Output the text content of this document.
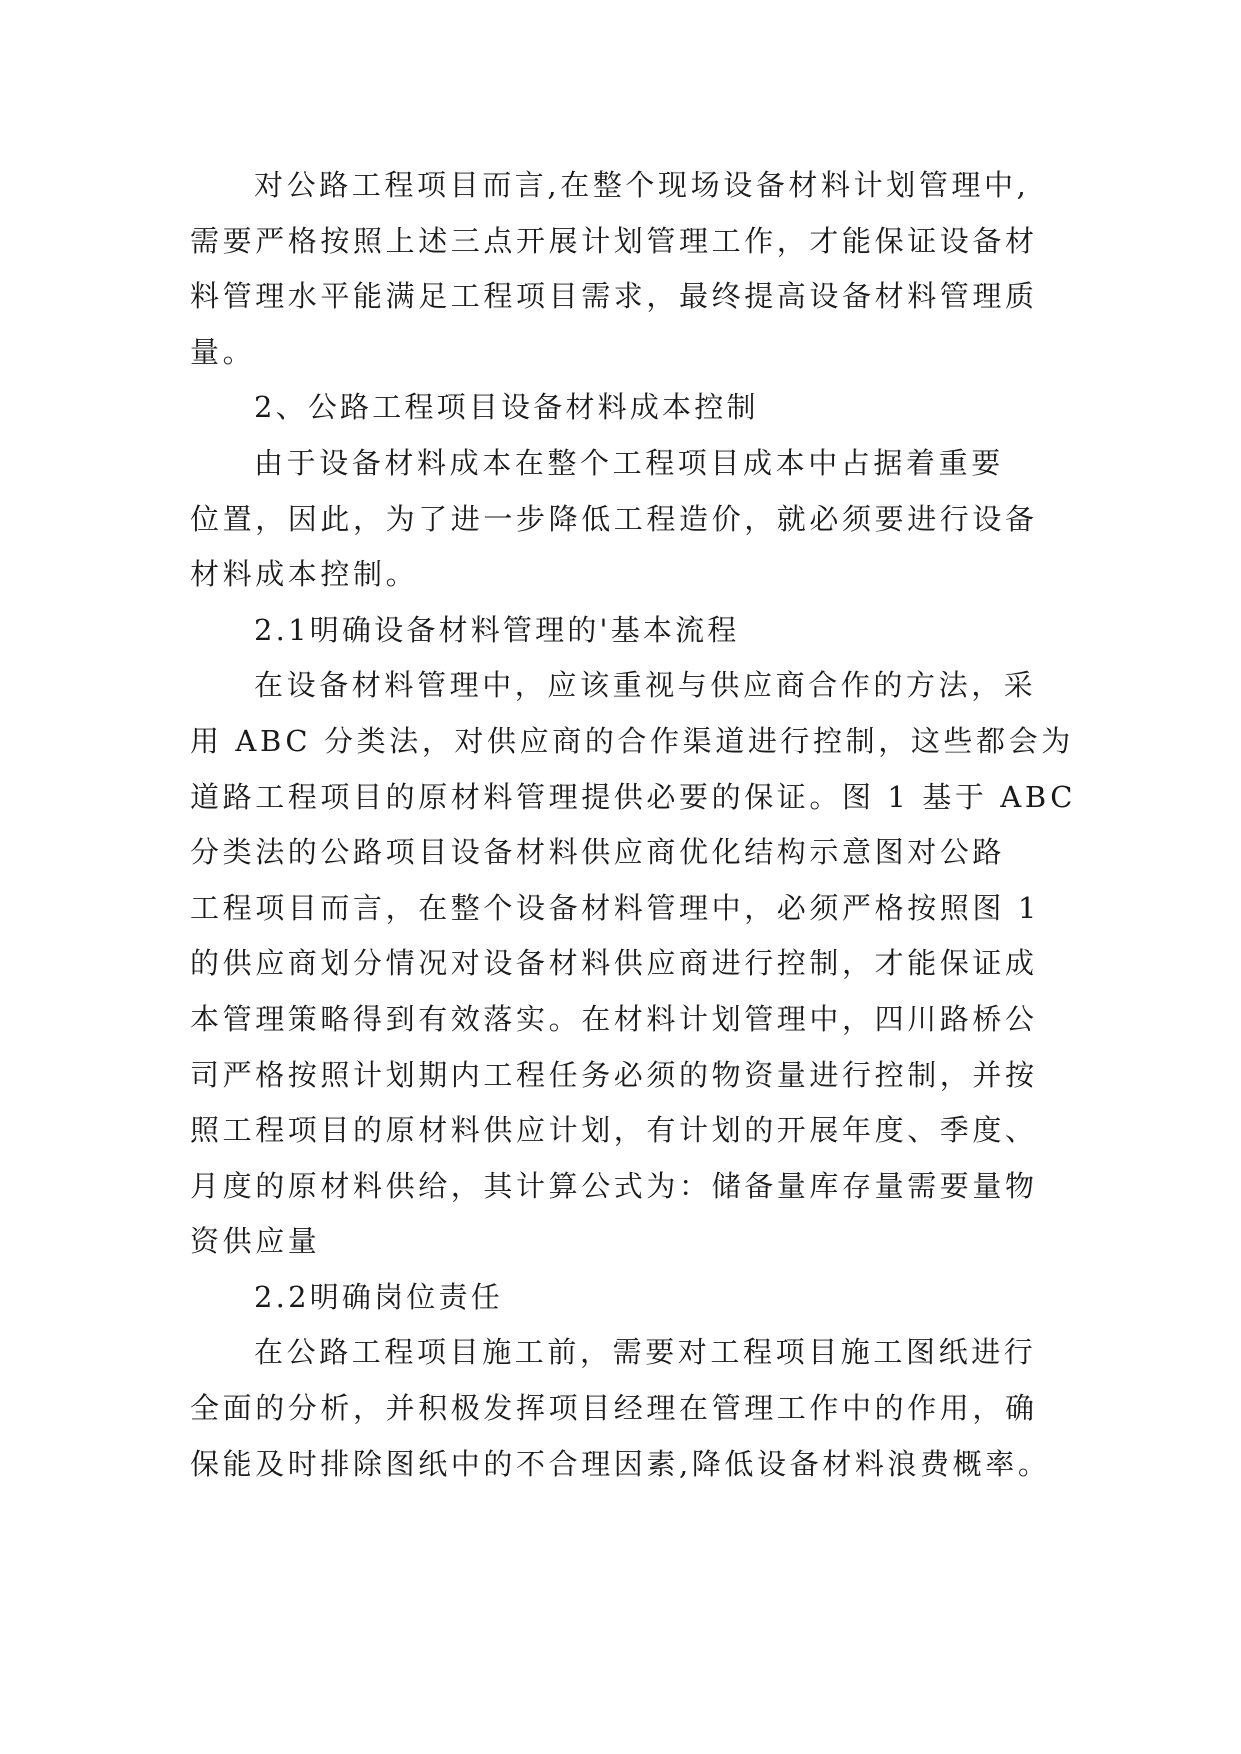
对公路工程项目而言,在整个现场设备材料计划管理中,
需要严格按照上述三点开展计划管理工作，才能保证设备材
料管理水平能满足工程项目需求，最终提高设备材料管理质
量。
2、公路工程项目设备材料成本控制
由于设备材料成本在整个工程项目成本中占据着重要
位置，因此，为了进一步降低工程造价，就必须要进行设备
材料成本控制。
2.1明确设备材料管理的'基本流程
在设备材料管理中，应该重视与供应商合作的方法，采
用 ABC 分类法，对供应商的合作渠道进行控制，这些都会为
道路工程项目的原材料管理提供必要的保证。图 1 基于 ABC
分类法的公路项目设备材料供应商优化结构示意图对公路
工程项目而言，在整个设备材料管理中，必须严格按照图 1
的供应商划分情况对设备材料供应商进行控制，才能保证成
本管理策略得到有效落实。在材料计划管理中，四川路桥公
司严格按照计划期内工程任务必须的物资量进行控制，并按
照工程项目的原材料供应计划，有计划的开展年度、季度、
月度的原材料供给，其计算公式为：储备量库存量需要量物
资供应量
2.2明确岗位责任
在公路工程项目施工前，需要对工程项目施工图纸进行
全面的分析，并积极发挥项目经理在管理工作中的作用，确
保能及时排除图纸中的不合理因素,降低设备材料浪费概率。
